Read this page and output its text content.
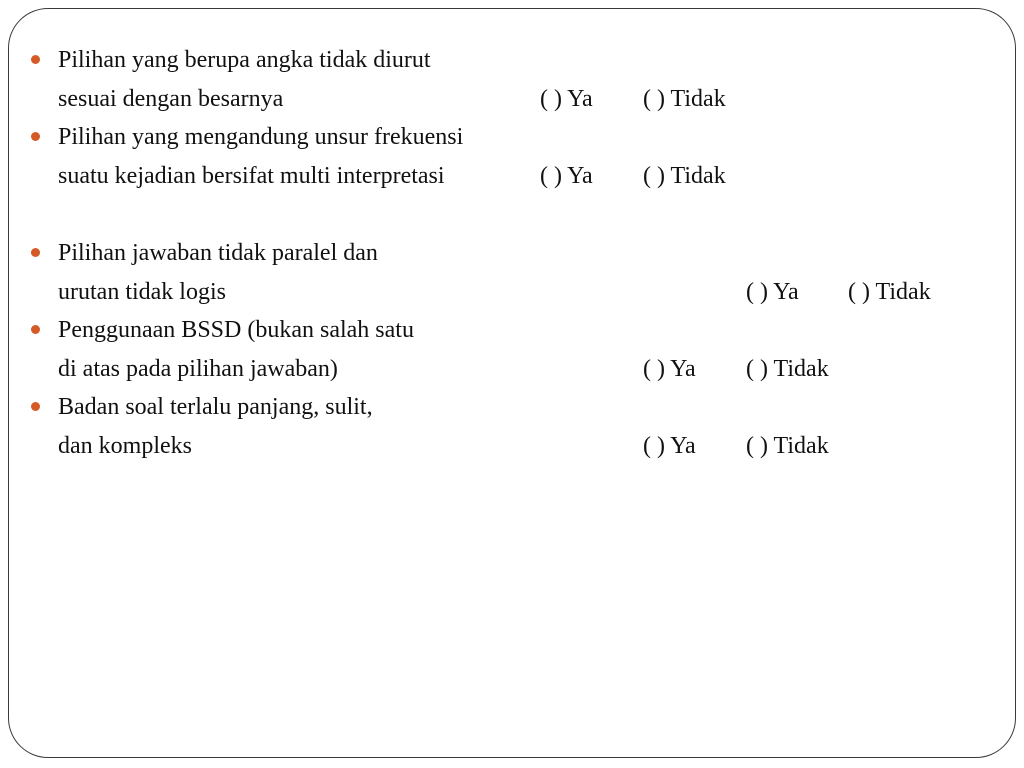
Pilihan yang berupa angka tidak diurut
sesuai dengan besarnya	( ) Ya ( ) Tidak
Pilihan yang mengandung unsur frekuensi
suatu kejadian bersifat multi interpretasi	( ) Ya ( ) Tidak
Pilihan jawaban tidak paralel dan
urutan tidak logis	( ) Ya ( ) Tidak
Penggunaan BSSD (bukan salah satu
di atas pada pilihan jawaban)	( ) Ya ( ) Tidak
Badan soal terlalu panjang, sulit,
dan kompleks	( ) Ya ( ) Tidak
